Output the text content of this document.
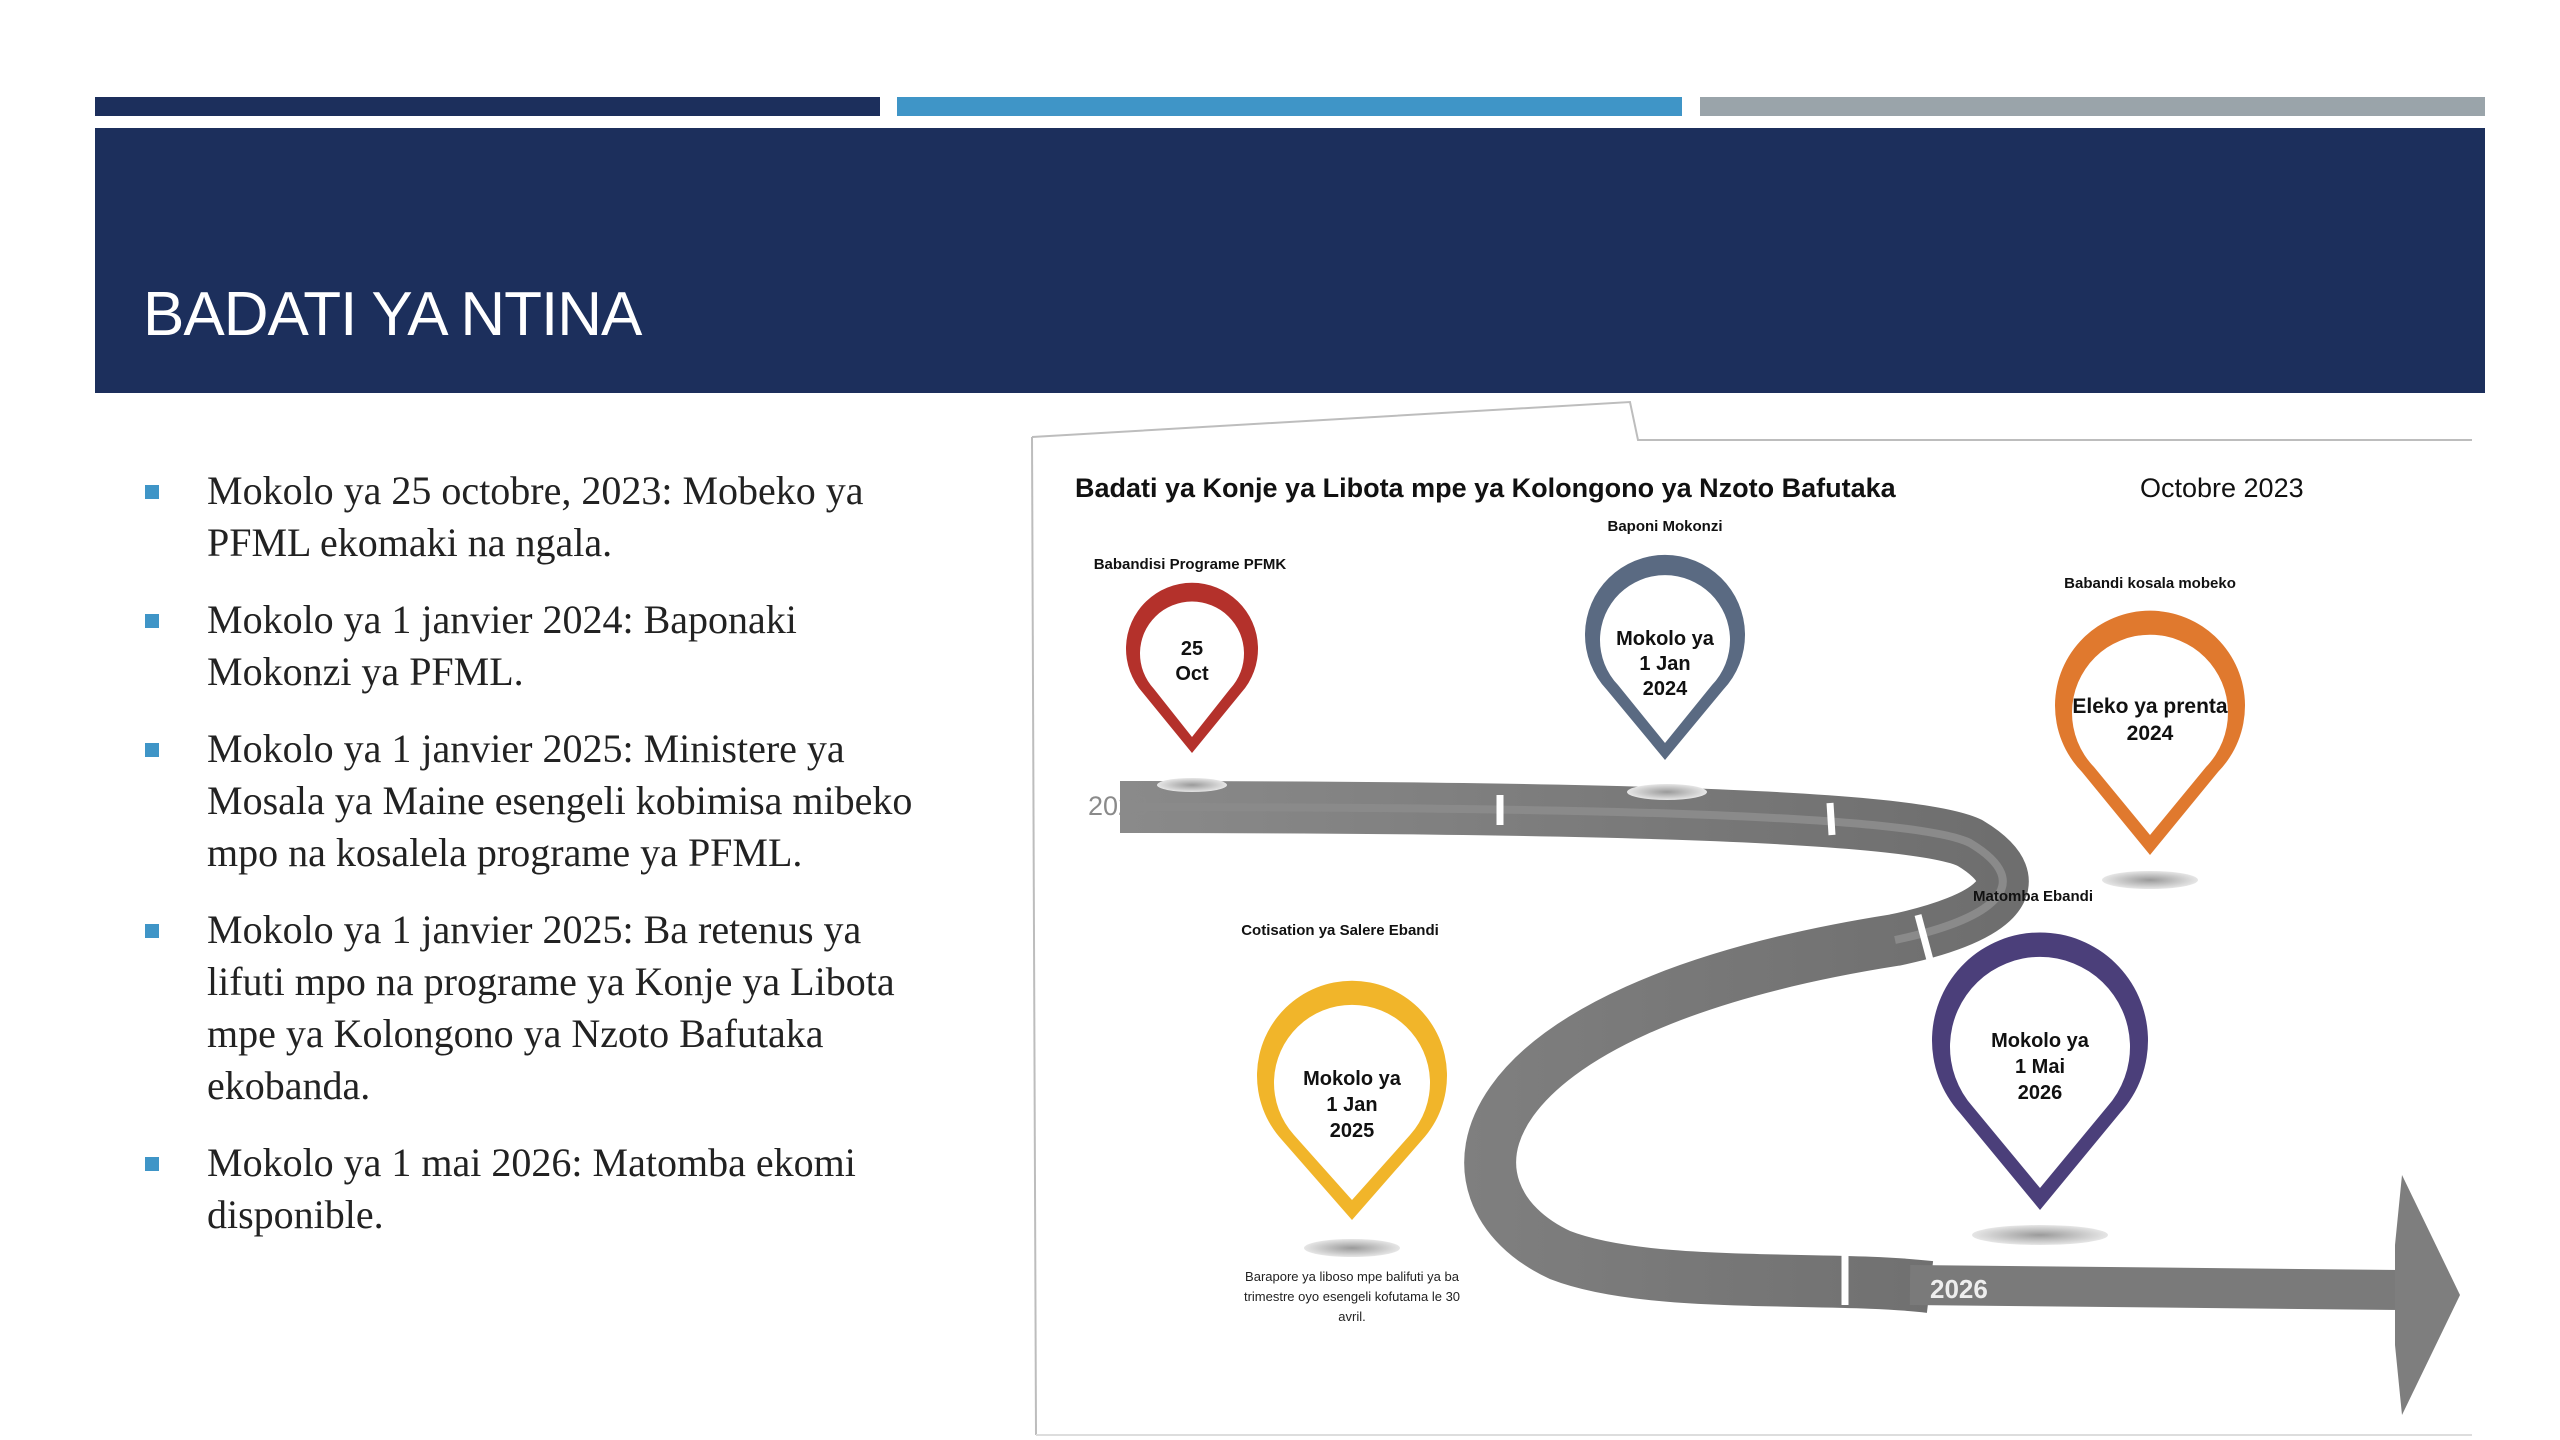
BADATI YA NTINA
Mokolo ya 25 octobre, 2023: Mobeko ya PFML ekomaki na ngala.
Mokolo ya 1 janvier 2024: Baponaki Mokonzi ya PFML.
Mokolo ya 1 janvier 2025: Ministere ya Mosala ya Maine esengeli kobimisa mibeko mpo na kosalela programe ya PFML.
Mokolo ya 1 janvier 2025: Ba retenus ya lifuti mpo na programe ya Konje ya Libota mpe ya Kolongono ya Nzoto Bafutaka ekobanda.
Mokolo ya 1 mai 2026: Matomba ekomi disponible.
Badati ya Konje ya Libota mpe ya Kolongono ya Nzoto Bafutaka	Octobre 2023
2023
2026
Babandisi Programe PFMK
25 Oct
Baponi Mokonzi
Mokolo ya 1 Jan 2024
Babandi kosala mobeko
Eleko ya prenta 2024
Cotisation ya Salere Ebandi
Mokolo ya 1 Jan 2025
Matomba Ebandi
Mokolo ya 1 Mai 2026
Barapore ya liboso mpe balifuti ya ba trimestre oyo esengeli kofutama le 30 avril.
